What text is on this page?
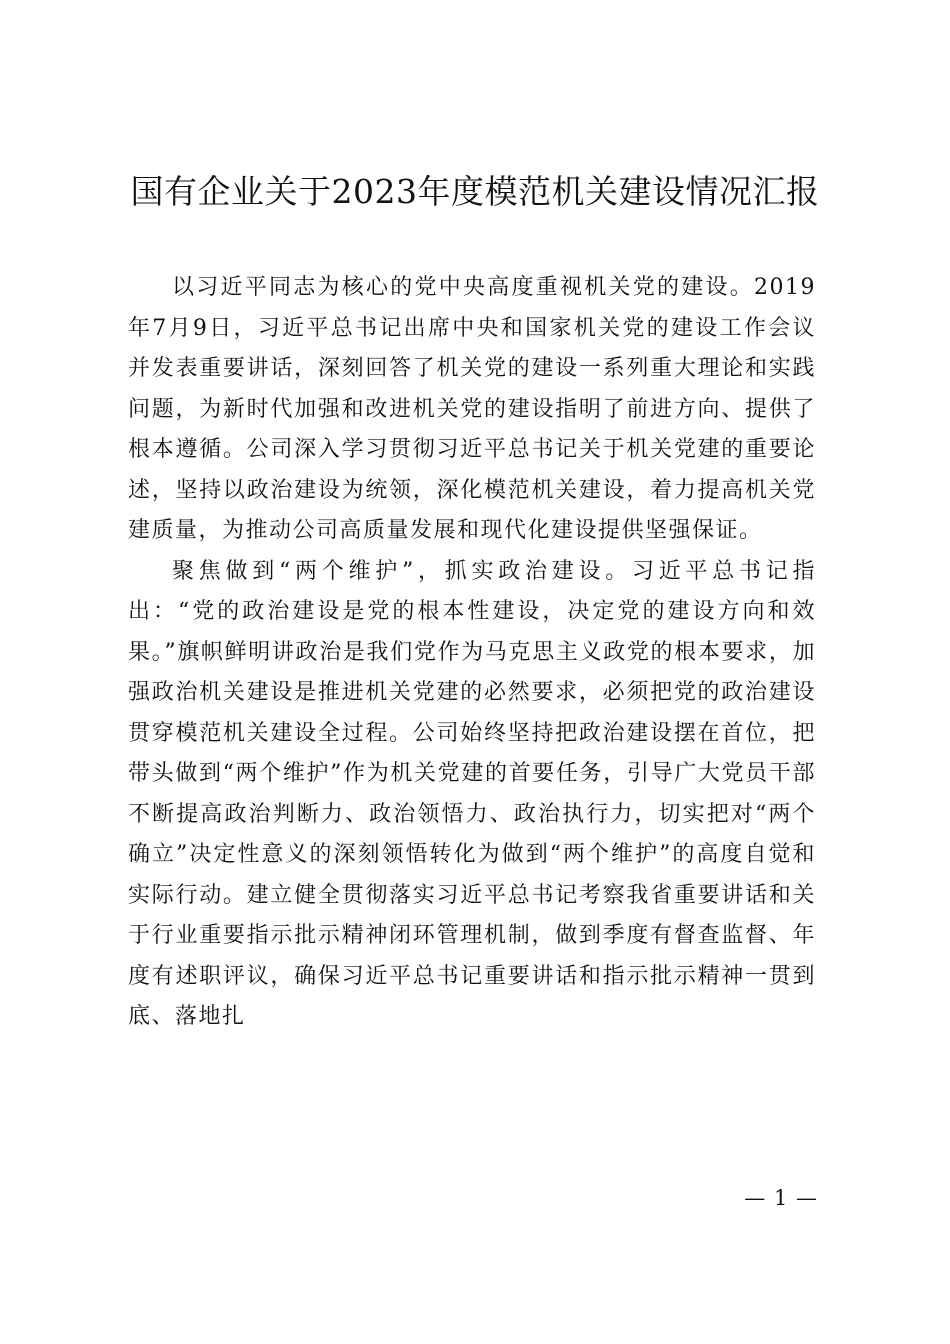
国有企业关于2023年度模范机关建设情况汇报

以习近平同志为核心的党中央高度重视机关党的建设。2019年7月9日，习近平总书记出席中央和国家机关党的建设工作会议并发表重要讲话，深刻回答了机关党的建设一系列重大理论和实践问题，为新时代加强和改进机关党的建设指明了前进方向、提供了根本遵循。公司深入学习贯彻习近平总书记关于机关党建的重要论述，坚持以政治建设为统领，深化模范机关建设，着力提高机关党建质量，为推动公司高质量发展和现代化建设提供坚强保证。

聚焦做到“两个维护”，抓实政治建设。习近平总书记指出：“党的政治建设是党的根本性建设，决定党的建设方向和效果。”旗帜鲜明讲政治是我们党作为马克思主义政党的根本要求，加强政治机关建设是推进机关党建的必然要求，必须把党的政治建设贯穿模范机关建设全过程。公司始终坚持把政治建设摆在首位，把带头做到“两个维护”作为机关党建的首要任务，引导广大党员干部不断提高政治判断力、政治领悟力、政治执行力，切实把对“两个确立”决定性意义的深刻领悟转化为做到“两个维护”的高度自觉和实际行动。建立健全贯彻落实习近平总书记考察我省重要讲话和关于行业重要指示批示精神闭环管理机制，做到季度有督查监督、年度有述职评议，确保习近平总书记重要讲话和指示批示精神一贯到底、落地扎

— 1 —
